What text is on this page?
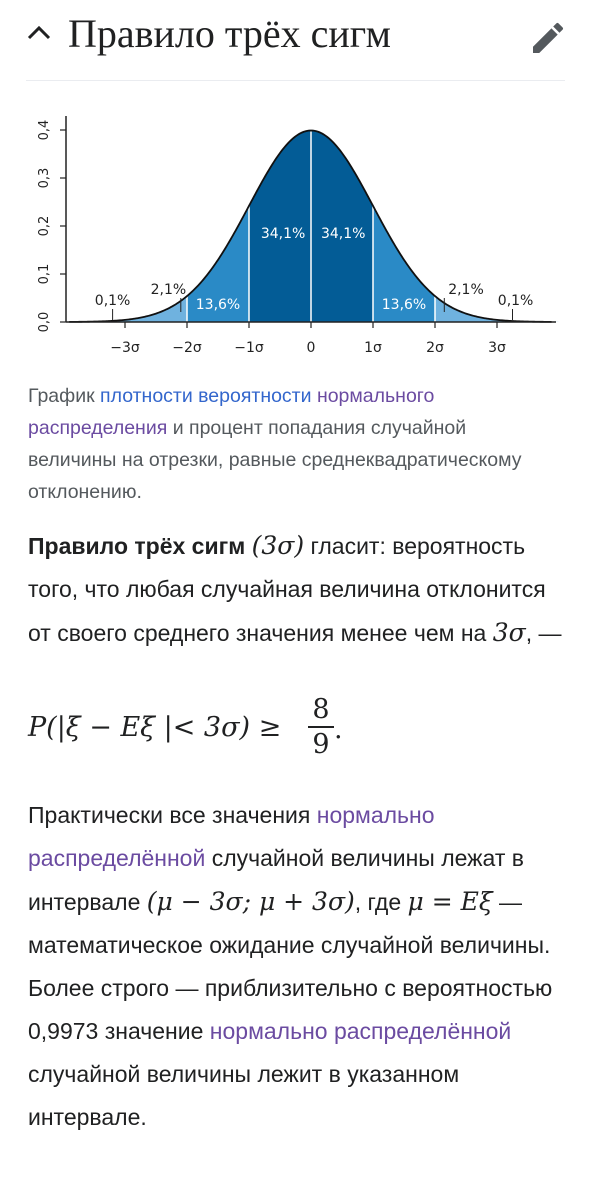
Правило трёх сигм
0,0
0,1
0,2
0,3
0,4
−3σ −2σ −1σ	0	1σ	2σ	3σ
34,1% 34,1%
13,6%	13,6%
2,1%	2,1%
0,1%	0,1%
График плотности вероятности нормального распределения и процент попадания случайной величины на отрезки, равные среднеквадратическому отклонению.
Правило трёх сигм (3σ) гласит: вероятность того, что любая случайная величина отклонится от своего среднего значения менее чем на 3σ, —
P(|ξ − Eξ |< $3\sigma) \ge \frac{8}{9}$ .
Практически все значения нормально распределённой случайной величины лежат в интервале (μ − 3σ; μ + 3σ), где μ = Eξ — математическое ожидание случайной величины. Более строго — приблизительно с вероятностью 0,9973 значение нормально распределённой случайной величины лежит в указанном интервале.
